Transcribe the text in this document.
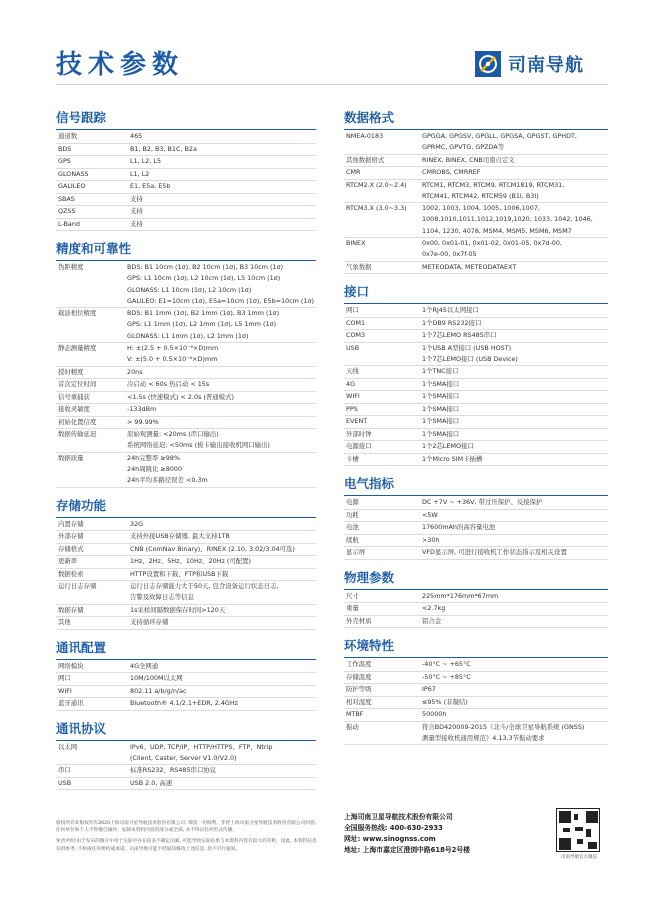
技术参数	司南导航
信号跟踪
通道数	465

BDS	B1, B2, B3, B1C, B2a

GPS	L1, L2, L5

GLONASS	L1, L2

GALILEO	E1, E5a, E5b

SBAS	支持

QZSS	支持

L-Band	支持
精度和可靠性
伪距精度	BDS: B1 10cm (1σ), B2 10cm (1σ), B3 10cm (1σ)
GPS: L1 10cm (1σ), L2 10cm (1σ), L5 10cm (1σ)
GLONASS: L1 10cm (1σ), L2 10cm (1σ)
GALILEO: E1=10cm (1σ), E5a=10cm (1σ), E5b=10cm (1σ)

载波相位精度	BDS: B1 1mm (1σ), B2 1mm (1σ), B3 1mm (1σ)
GPS: L1 1mm (1σ), L2 1mm (1σ), L5 1mm (1σ)
GLONASS: L1 1mm (1σ), L2 1mm (1σ)

静态测量精度	H: ±(2.5 + 0.5×10⁻⁶×D)mm
V: ±(5.0 + 0.5×10⁻⁶×D)mm

授时精度	20ns

首次定位时间	冷启动 < 60s 热启动 < 15s

信号重捕获	<1.5s (快速模式) < 2.0s (普通模式)

接收灵敏度	-133dBm

初始化置信度	> 99.99%

数据传输延迟	原始观测量: <20ms (串口输出)
系统网络延迟: <50ms (板卡输出接收机网口输出)

数据质量	24h完整率 ≥98%
24h周跳比 ≥8000
24h平均多路径误差 <0.3m
存储功能
内置存储	32G

外部存储	支持外接USB存储器, 最大支持1TB

存储格式	CNB (ComNav Binary)、RINEX (2.10, 3.02/3.04可选)

更新率	1Hz、2Hz、5Hz、10Hz、20Hz (可配置)

数据检索	HTTP设置和下载、FTP和USB下载

运行日志存储	运行日志存储能力大于50天, 包含设备运行状态日志,
告警及故障日志等信息

数据存储	1s采样间隔数据保存时间>120天

其他	支持循环存储
通讯配置
网络模块	4G全网通

网口	10M/100M以太网

WIFI	802.11 a/b/g/n/ac

蓝牙通讯	Bluetooth® 4.1/2.1+EDR, 2.4GHz
通讯协议
以太网	IPv6、UDP, TCP/IP、HTTP/HTTPS、FTP、Ntrip
(Client, Caster, Server V1.0/V2.0)

串口	标准RS232、RS485串口协议

USB	USB 2.0, 高速
数据格式
NMEA-0183	GPGGA, GPGSV, GPGLL, GPGSA, GPGST, GPHDT,
GPRMC, GPVTG, GPZDA等

其他数据格式	RINEX, BINEX, CNB司南自定义

CMR	CMROBS, CMRREF

RTCM2.X (2.0~2.4)	RTCM1, RTCM3, RTCM9, RTCM1819, RTCM31,
RTCM41, RTCM42, RTCM59 (B1I, B3I)

RTCM3.X (3.0~3.3)	1002, 1003, 1004, 1005, 1006,1007,
1008,1010,1011,1012,1019,1020, 1033, 1042, 1046,
1104, 1230, 4078, MSM4, MSM5, MSM6, MSM7

BINEX	0x00, 0x01-01, 0x01-02, 0x01-05, 0x7d-00,
0x7e-00, 0x7f-05

气象数据	METEODATA, METEODATAEXT
接口
网口	1个RJ45以太网接口

COM1	1个DB9 RS232接口

COM3	1个7芯LEMO RS485串口

USB	1个USB A型接口 (USB HOST)
1个7芯LEMO接口 (USB Device)

天线	1个TNC接口

4G	1个SMA接口

WIFI	1个SMA接口

PPS	1个SMA接口

EVENT	1个SMA接口

外部时钟	1个SMA接口

电源接口	1个2芯LEMO接口

卡槽	1个Micro SIM卡插槽
电气指标
电源	DC +7V ~ +36V, 带过压保护、反接保护

功耗	<5W

电池	17600mAh的高容量电池

续航	>30h

显示屏	VFD显示屏, 可进行接收机工作状态指示及相关设置
物理参数
尺寸	225mm*176mm*67mm

重量	<2.7kg

外壳材质	铝合金
环境特性
工作温度	-40°C ~ +65°C

存储温度	-50°C ~ +85°C

防护等级	IP67

相对湿度	≤95% (非凝结)

MTBF	50000h

振动	符合BD420009-2015《北斗/全球卫星导航系统 (GNSS)
测量型接收机通用规范》4.13.3节振动要求

版权所有©版权所有2020上海司南卫星导航技术股份有限公司, 保留一切权利。非经上海司南卫星导航技术股份有限公司同意, 任何单位和个人不得擅自摘抄、复制本资料内容的部分或全部, 并不得以任何形式传播。

免责声明:由于发布的图片中用于实际中存在较多不确定因素, 可能导致实际结果与本资料内容有较大的差距。因此, 本资料信息仅供参考, 不构成任何要约或承诺。司南导航可能不经通知修改上述信息, 恕不另行通知。

上海司南卫星导航技术股份有限公司
全国服务热线: 400-630-2933
网址: www.sinognss.com
地址: 上海市嘉定区澄浏中路618号2号楼
司南导航官方微信
